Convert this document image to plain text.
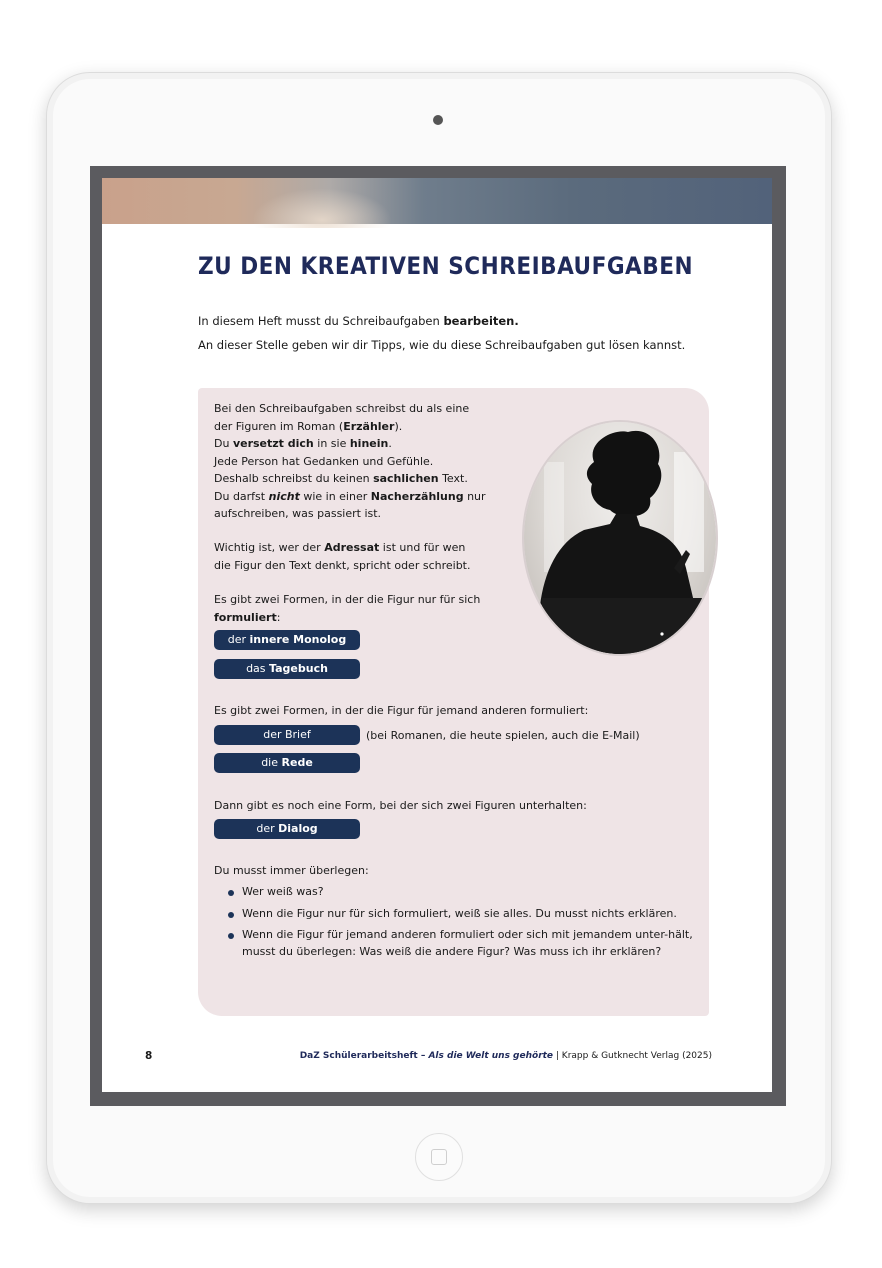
ZU DEN KREATIVEN SCHREIBAUFGABEN
In diesem Heft musst du Schreibaufgaben bearbeiten.
An dieser Stelle geben wir dir Tipps, wie du diese Schreibaufgaben gut lösen kannst.
Bei den Schreibaufgaben schreibst du als eine
der Figuren im Roman (Erzähler).
Du versetzt dich in sie hinein.
Jede Person hat Gedanken und Gefühle.
Deshalb schreibst du keinen sachlichen Text.
Du darfst nicht wie in einer Nacherzählung nur
aufschreiben, was passiert ist.
Wichtig ist, wer der Adressat ist und für wen
die Figur den Text denkt, spricht oder schreibt.
Es gibt zwei Formen, in der die Figur nur für sich
formuliert:
der innere Monolog
das Tagebuch
Es gibt zwei Formen, in der die Figur für jemand anderen formuliert:
der Brief	(bei Romanen, die heute spielen, auch die E-Mail)
die Rede
Dann gibt es noch eine Form, bei der sich zwei Figuren unterhalten:
der Dialog
Du musst immer überlegen:
Wer weiß was?
Wenn die Figur nur für sich formuliert, weiß sie alles. Du musst nichts erklären.
Wenn die Figur für jemand anderen formuliert oder sich mit jemandem unter-hält, musst du überlegen: Was weiß die andere Figur? Was muss ich ihr erklären?
8	DaZ Schülerarbeitsheft – Als die Welt uns gehörte | Krapp & Gutknecht Verlag (2025)
